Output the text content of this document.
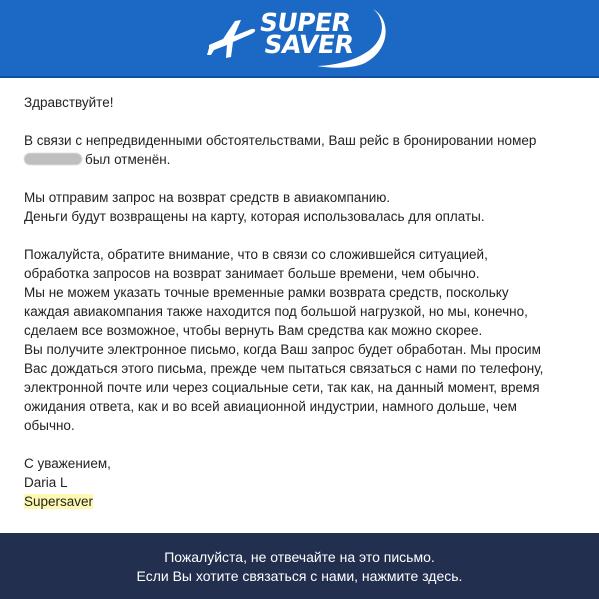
SUPER
SAVER

Здравствуйте!

В связи с непредвиденными обстоятельствами, Ваш рейс в бронировании номер

был отменён.

Мы отправим запрос на возврат средств в авиакомпанию.

Деньги будут возвращены на карту, которая использовалась для оплаты.

Пожалуйста, обратите внимание, что в связи со сложившейся ситуацией,

обработка запросов на возврат занимает больше времени, чем обычно.

Мы не можем указать точные временные рамки возврата средств, поскольку

каждая авиакомпания также находится под большой нагрузкой, но мы, конечно,

сделаем все возможное, чтобы вернуть Вам средства как можно скорее.

Вы получите электронное письмо, когда Ваш запрос будет обработан. Мы просим

Вас дождаться этого письма, прежде чем пытаться связаться с нами по телефону,

электронной почте или через социальные сети, так как, на данный момент, время

ожидания ответа, как и во всей авиационной индустрии, намного дольше, чем

обычно.

С уважением,

Daria L

Supersaver

Пожалуйста, не отвечайте на это письмо.
Если Вы хотите связаться с нами, нажмите здесь.
